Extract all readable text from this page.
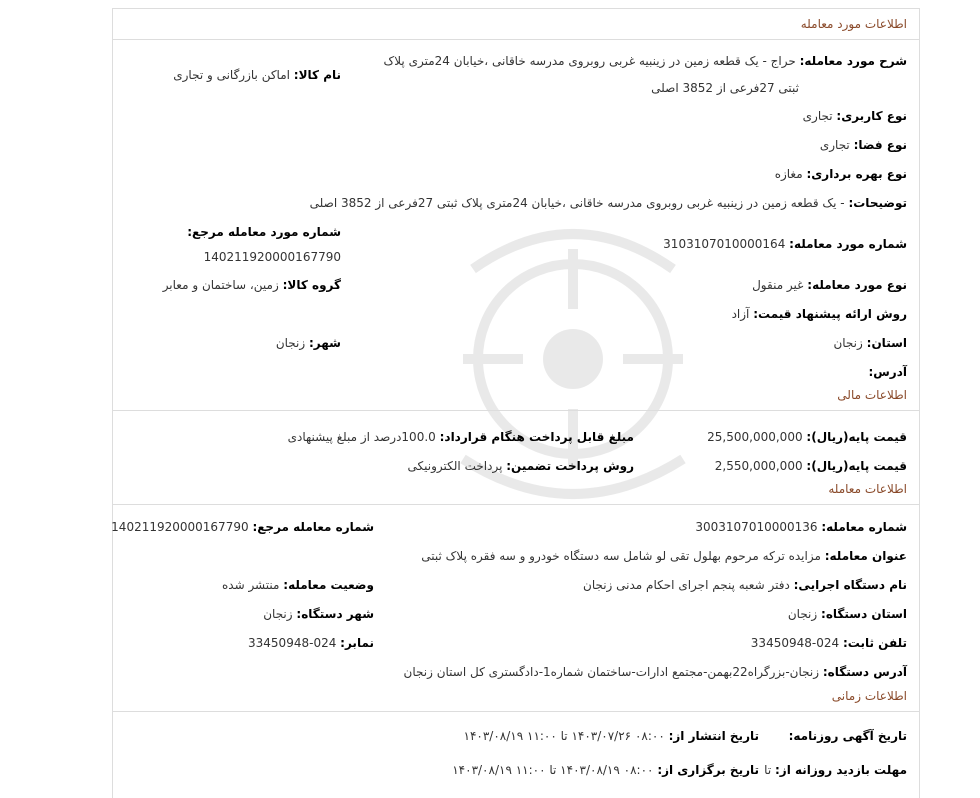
اطلاعات مورد معامله
شرح مورد معامله: حراج - یک قطعه زمین در زینبیه غربی روبروی مدرسه خاقانی ،خیابان 24متری پلاک
ثبتی 27فرعی از 3852 اصلی
نام کالا: اماکن بازرگانی و تجاری
نوع کاربری: تجاری
نوع فضا: تجاری
نوع بهره برداری: مغازه
توضیحات: - یک قطعه زمین در زینبیه غربی روبروی مدرسه خاقانی ،خیابان 24متری پلاک ثبتی 27فرعی از 3852 اصلی
شماره مورد معامله مرجع:
140211920000167790
شماره مورد معامله: 3103107010000164
نوع مورد معامله: غیر منقول
گروه کالا: زمین، ساختمان و معابر
روش ارائه پیشنهاد قیمت: آزاد
استان: زنجان
شهر: زنجان
آدرس:
اطلاعات مالی
قیمت پایه(ریال): 25,500,000,000
مبلغ قابل پرداخت هنگام قرارداد: 100.0درصد از مبلغ پیشنهادی
قیمت پایه(ریال): 2,550,000,000
روش پرداخت تضمین: پرداخت الکترونیکی
اطلاعات معامله
شماره معامله: 3003107010000136
شماره معامله مرجع: 140211920000167790
عنوان معامله: مزایده ترکه مرحوم بهلول تقی لو شامل سه دستگاه خودرو و سه فقره پلاک ثبتی
نام دستگاه اجرایی: دفتر شعبه پنجم اجرای احکام مدنی زنجان
وضعیت معامله: منتشر شده
استان دستگاه: زنجان
شهر دستگاه: زنجان
تلفن ثابت: 024-33450948
نمابر: 024-33450948
آدرس دستگاه: زنجان-بزرگراه22بهمن-مجتمع ادارات-ساختمان شماره1-دادگستری کل استان زنجان
اطلاعات زمانی
تاریخ آگهی روزنامه:
تاریخ انتشار از: ۰۸:۰۰ ۱۴۰۳/۰۷/۲۶ تا ۱۱:۰۰ ۱۴۰۳/۰۸/۱۹
مهلت بازدید روزانه از: تا
تاریخ برگزاری از: ۰۸:۰۰ ۱۴۰۳/۰۸/۱۹ تا ۱۱:۰۰ ۱۴۰۳/۰۸/۱۹
